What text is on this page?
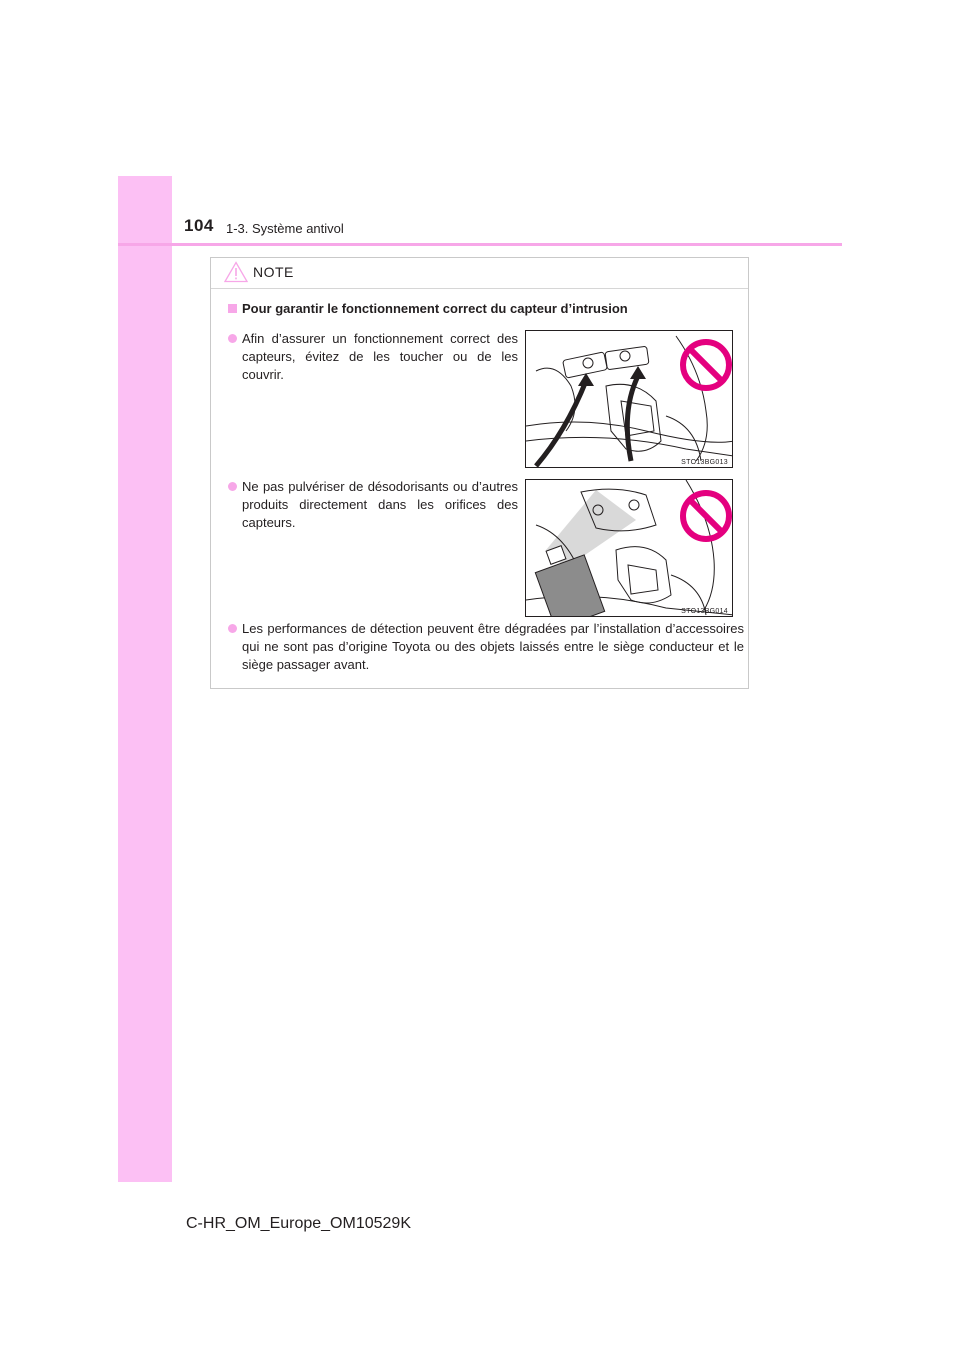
104 1-3. Système antivol
NOTE
Pour garantir le fonctionnement correct du capteur d’intrusion
Afin d’assurer un fonctionnement correct des capteurs, évitez de les toucher ou de les couvrir.
STO13BG013
Ne pas pulvériser de désodorisants ou d’autres produits directement dans les orifices des capteurs.
STO13BG014
Les performances de détection peuvent être dégradées par l’installation d’accessoires qui ne sont pas d’origine Toyota ou des objets laissés entre le siège conducteur et le siège passager avant.
C-HR_OM_Europe_OM10529K
